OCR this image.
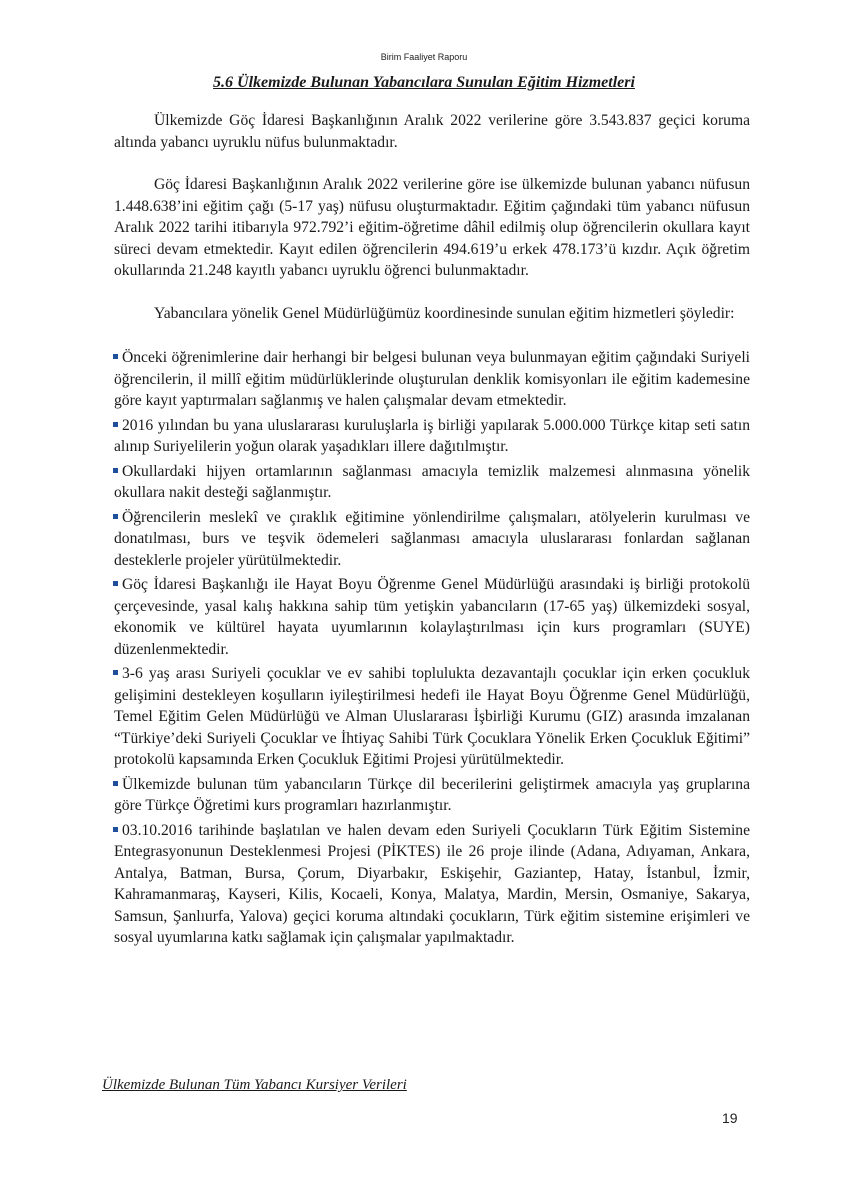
Birim Faaliyet Raporu
5.6 Ülkemizde Bulunan Yabancılara Sunulan Eğitim Hizmetleri

Ülkemizde Göç İdaresi Başkanlığının Aralık 2022 verilerine göre 3.543.837 geçici koruma altında yabancı uyruklu nüfus bulunmaktadır.

Göç İdaresi Başkanlığının Aralık 2022 verilerine göre ise ülkemizde bulunan yabancı nüfusun 1.448.638’ini eğitim çağı (5-17 yaş) nüfusu oluşturmaktadır. Eğitim çağındaki tüm yabancı nüfusun Aralık 2022 tarihi itibarıyla 972.792’i eğitim-öğretime dâhil edilmiş olup öğrencilerin okullara kayıt süreci devam etmektedir. Kayıt edilen öğrencilerin 494.619’u erkek 478.173’ü kızdır. Açık öğretim okullarında 21.248 kayıtlı yabancı uyruklu öğrenci bulunmaktadır.

Yabancılara yönelik Genel Müdürlüğümüz koordinesinde sunulan eğitim hizmetleri şöyledir:

Önceki öğrenimlerine dair herhangi bir belgesi bulunan veya bulunmayan eğitim çağındaki Suriyeli öğrencilerin, il millî eğitim müdürlüklerinde oluşturulan denklik komisyonları ile eğitim kademesine göre kayıt yaptırmaları sağlanmış ve halen çalışmalar devam etmektedir.
2016 yılından bu yana uluslararası kuruluşlarla iş birliği yapılarak 5.000.000 Türkçe kitap seti satın alınıp Suriyelilerin yoğun olarak yaşadıkları illere dağıtılmıştır.
Okullardaki hijyen ortamlarının sağlanması amacıyla temizlik malzemesi alınmasına yönelik okullara nakit desteği sağlanmıştır.
Öğrencilerin meslekî ve çıraklık eğitimine yönlendirilme çalışmaları, atölyelerin kurulması ve donatılması, burs ve teşvik ödemeleri sağlanması amacıyla uluslararası fonlardan sağlanan desteklerle projeler yürütülmektedir.
Göç İdaresi Başkanlığı ile Hayat Boyu Öğrenme Genel Müdürlüğü arasındaki iş birliği protokolü çerçevesinde, yasal kalış hakkına sahip tüm yetişkin yabancıların (17-65 yaş) ülkemizdeki sosyal, ekonomik ve kültürel hayata uyumlarının kolaylaştırılması için kurs programları (SUYE) düzenlenmektedir.
3-6 yaş arası Suriyeli çocuklar ve ev sahibi toplulukta dezavantajlı çocuklar için erken çocukluk gelişimini destekleyen koşulların iyileştirilmesi hedefi ile Hayat Boyu Öğrenme Genel Müdürlüğü, Temel Eğitim Gelen Müdürlüğü ve Alman Uluslararası İşbirliği Kurumu (GIZ) arasında imzalanan “Türkiye’deki Suriyeli Çocuklar ve İhtiyaç Sahibi Türk Çocuklara Yönelik Erken Çocukluk Eğitimi” protokolü kapsamında Erken Çocukluk Eğitimi Projesi yürütülmektedir.
Ülkemizde bulunan tüm yabancıların Türkçe dil becerilerini geliştirmek amacıyla yaş gruplarına göre Türkçe Öğretimi kurs programları hazırlanmıştır.
03.10.2016 tarihinde başlatılan ve halen devam eden Suriyeli Çocukların Türk Eğitim Sistemine Entegrasyonunun Desteklenmesi Projesi (PİKTES) ile 26 proje ilinde (Adana, Adıyaman, Ankara, Antalya, Batman, Bursa, Çorum, Diyarbakır, Eskişehir, Gaziantep, Hatay, İstanbul, İzmir, Kahramanmaraş, Kayseri, Kilis, Kocaeli, Konya, Malatya, Mardin, Mersin, Osmaniye, Sakarya, Samsun, Şanlıurfa, Yalova) geçici koruma altındaki çocukların, Türk eğitim sistemine erişimleri ve sosyal uyumlarına katkı sağlamak için çalışmalar yapılmaktadır.
Ülkemizde Bulunan Tüm Yabancı Kursiyer Verileri
19
